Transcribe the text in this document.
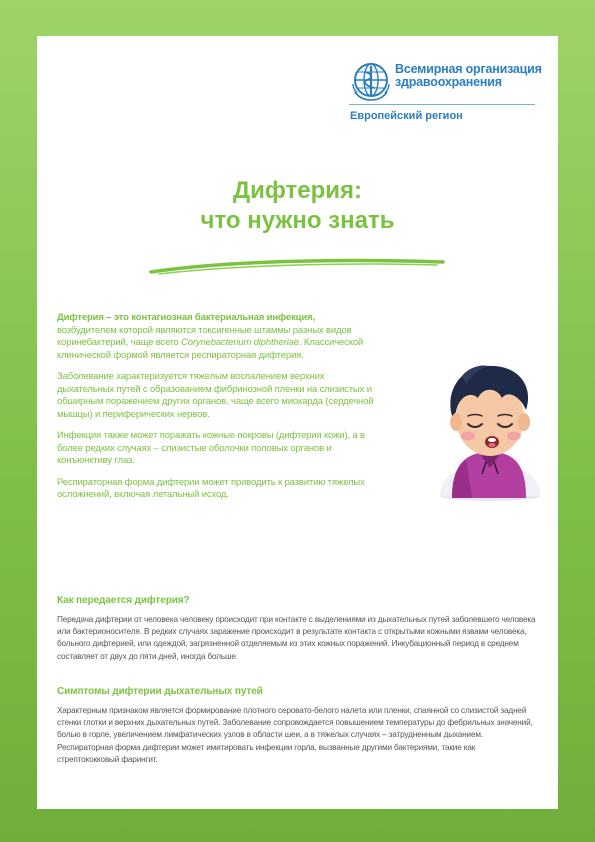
Всемирная организация
здравоохранения
Европейский регион
Дифтерия:
что нужно знать

Дифтерия – это контагиозная бактериальная инфекция, возбудителем которой являются токсигенные штаммы разных видов коринебактерий, чаще всего Corynebacterium diphtheriae. Классической клинической формой является респираторная дифтерия.

Заболевание характеризуется тяжелым воспалением верхних дыхательных путей с образованием фибринозной пленки на слизистых и обширным поражением других органов, чаще всего миокарда (сердечной мышцы) и периферических нервов.

Инфекция также может поражать кожные покровы (дифтерия кожи), а в более редких случаях – слизистые оболочки половых органов и конъюнктиву глаз.

Респираторная форма дифтерии может приводить к развитию тяжелых осложнений, включая летальный исход.

Как передается дифтерия?

Передача дифтерии от человека человеку происходит при контакте с выделениями из дыхательных путей заболевшего человека или бактерионосителя. В редких случаях заражение происходит в результате контакта с открытыми кожными язвами человека, больного дифтерией, или одеждой, загрязненной отделяемым из этих кожных поражений. Инкубационный период в среднем составляет от двух до пяти дней, иногда больше.

Симптомы дифтерии дыхательных путей

Характерным признаком является формирование плотного серовато-белого налета или пленки, спаянной со слизистой задней стенки глотки и верхних дыхательных путей. Заболевание сопровождается повышением температуры до фебрильных значений, болью в горле, увеличением лимфатических узлов в области шеи, а в тяжелых случаях – затрудненным дыханием. Респираторная форма дифтерии может имитировать инфекции горла, вызванные другими бактериями, такие как стрептококковый фарингит.
